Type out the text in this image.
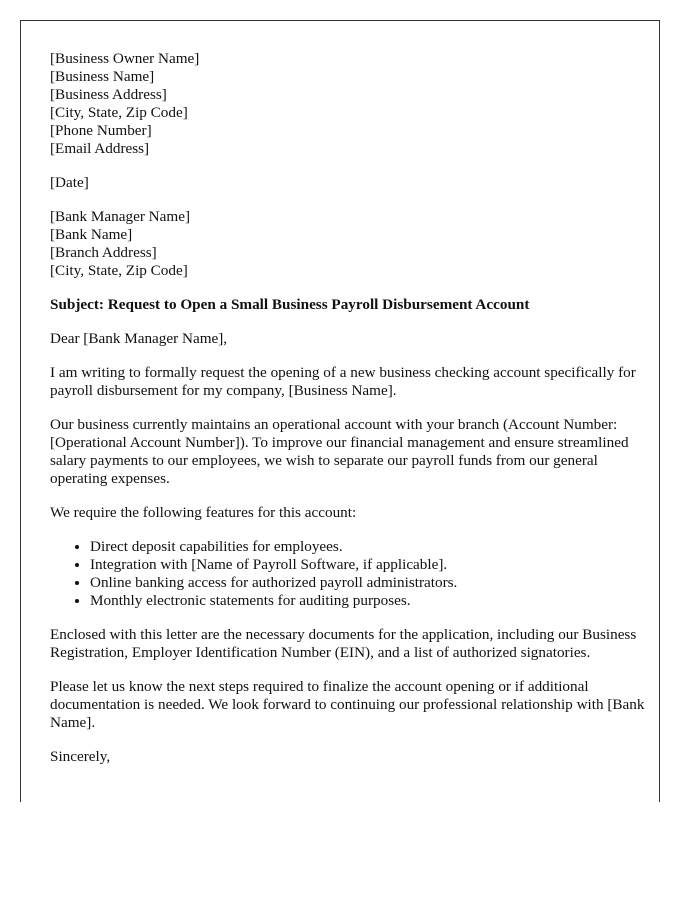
[Business Owner Name]
[Business Name]
[Business Address]
[City, State, Zip Code]
[Phone Number]
[Email Address]
[Date]
[Bank Manager Name]
[Bank Name]
[Branch Address]
[City, State, Zip Code]
Subject: Request to Open a Small Business Payroll Disbursement Account

Dear [Bank Manager Name],

I am writing to formally request the opening of a new business checking account specifically for payroll disbursement for my company, [Business Name].

Our business currently maintains an operational account with your branch (Account Number: [Operational Account Number]). To improve our financial management and ensure streamlined salary payments to our employees, we wish to separate our payroll funds from our general operating expenses.

We require the following features for this account:

• Direct deposit capabilities for employees.
• Integration with [Name of Payroll Software, if applicable].
• Online banking access for authorized payroll administrators.
• Monthly electronic statements for auditing purposes.

Enclosed with this letter are the necessary documents for the application, including our Business Registration, Employer Identification Number (EIN), and a list of authorized signatories.

Please let us know the next steps required to finalize the account opening or if additional documentation is needed. We look forward to continuing our professional relationship with [Bank Name].

Sincerely,
